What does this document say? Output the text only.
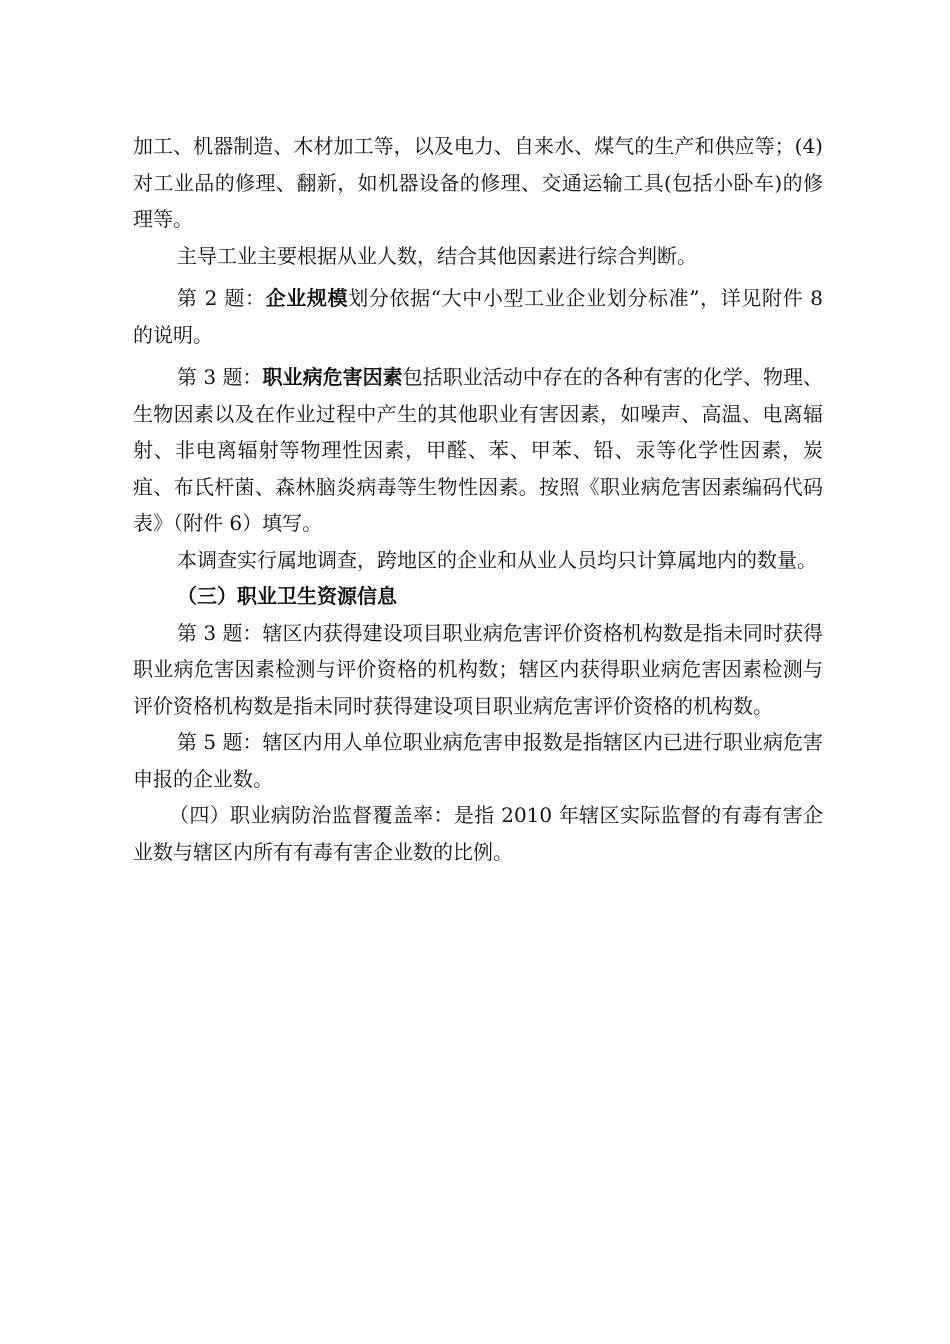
加工、机器制造、木材加工等，以及电力、自来水、煤气的生产和供应等；(4)对工业品的修理、翻新，如机器设备的修理、交通运输工具(包括小卧车)的修理等。

主导工业主要根据从业人数，结合其他因素进行综合判断。

第 2 题：企业规模划分依据“大中小型工业企业划分标准”，详见附件 8 的说明。

第 3 题：职业病危害因素包括职业活动中存在的各种有害的化学、物理、生物因素以及在作业过程中产生的其他职业有害因素，如噪声、高温、电离辐射、非电离辐射等物理性因素，甲醛、苯、甲苯、铅、汞等化学性因素，炭疽、布氏杆菌、森林脑炎病毒等生物性因素。按照《职业病危害因素编码代码表》（附件 6）填写。

本调查实行属地调查，跨地区的企业和从业人员均只计算属地内的数量。

（三）职业卫生资源信息

第 3 题：辖区内获得建设项目职业病危害评价资格机构数是指未同时获得职业病危害因素检测与评价资格的机构数；辖区内获得职业病危害因素检测与评价资格机构数是指未同时获得建设项目职业病危害评价资格的机构数。

第 5 题：辖区内用人单位职业病危害申报数是指辖区内已进行职业病危害申报的企业数。

（四）职业病防治监督覆盖率：是指 2010 年辖区实际监督的有毒有害企业数与辖区内所有有毒有害企业数的比例。
